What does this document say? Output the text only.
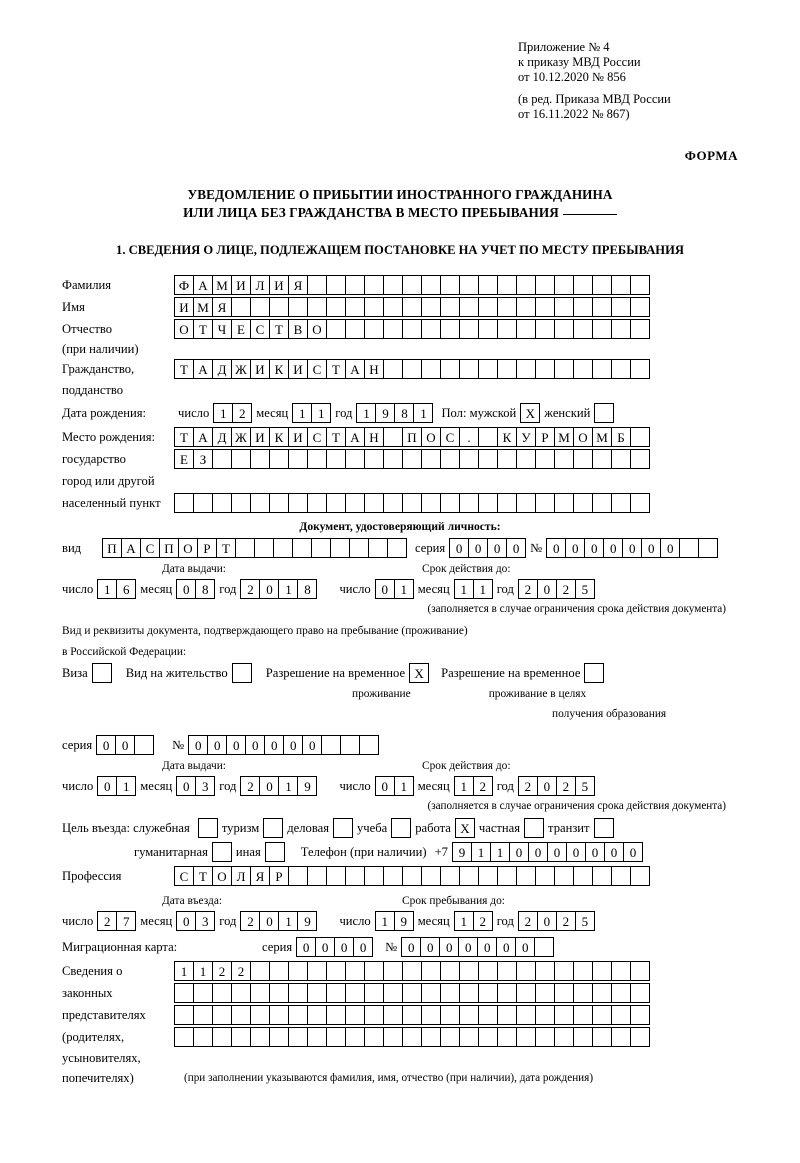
Приложение № 4
к приказу МВД России
от 10.12.2020 № 856
(в ред. Приказа МВД России
от 16.11.2022 № 867)
ФОРМА
УВЕДОМЛЕНИЕ О ПРИБЫТИИ ИНОСТРАННОГО ГРАЖДАНИНА
ИЛИ ЛИЦА БЕЗ ГРАЖДАНСТВА В МЕСТО ПРЕБЫВАНИЯ
1. СВЕДЕНИЯ О ЛИЦЕ, ПОДЛЕЖАЩЕМ ПОСТАНОВКЕ НА УЧЕТ ПО МЕСТУ ПРЕБЫВАНИЯ
Фамилия	Ф А М И Л И Я
Имя	И М Я
Отчество	О Т Ч Е С Т В О
(при наличии)
Гражданство,	Т А Д Ж И К И С Т А Н
подданство
Дата рождения:	число 1 2 месяц 1 1 год 1 9 8 1	Пол: мужской X женский
Место рождения:	Т А Д Ж И К И С Т А Н	П О С	.	К У Р М О М Б
государство	Е З
город или другой
населенный пункт
Документ, удостоверяющий личность:
вид	П А С П О Р Т	серия 0 0 0 0 № 0 0 0 0 0 0 0
Дата выдачи:	Срок действия до:
число 1 6 месяц 0 8 год 2 0 1 8	число 0 1 месяц 1 1 год 2 0 2 5
(заполняется в случае ограничения срока действия документа)
Вид и реквизиты документа, подтверждающего право на пребывание (проживание)
в Российской Федерации:
Виза	Вид на жительство	Разрешение на временное X	Разрешение на временное
проживание	проживание в целях
получения образования
серия 0 0	№ 0 0 0 0 0 0 0
Дата выдачи:	Срок действия до:
число 0 1 месяц 0 3 год 2 0 1 9	число 0 1 месяц 1 2 год 2 0 2 5
(заполняется в случае ограничения срока действия документа)
Цель въезда: служебная	туризм	деловая	учеба	работа X частная	транзит
гуманитарная	иная	Телефон (при наличии) +7 9 1 1 0 0 0 0 0 0 0
Профессия	С Т О Л Я Р
Дата въезда:	Срок пребывания до:
число 2 7 месяц 0 3 год 2 0 1 9	число 1 9 месяц 1 2 год 2 0 2 5
Миграционная карта:	серия 0 0 0 0	№ 0 0 0 0 0 0 0
Сведения о	1 1 2 2
законных
представителях
(родителях,
усыновителях,
попечителях)	(при заполнении указываются фамилия, имя, отчество (при наличии), дата рождения)
